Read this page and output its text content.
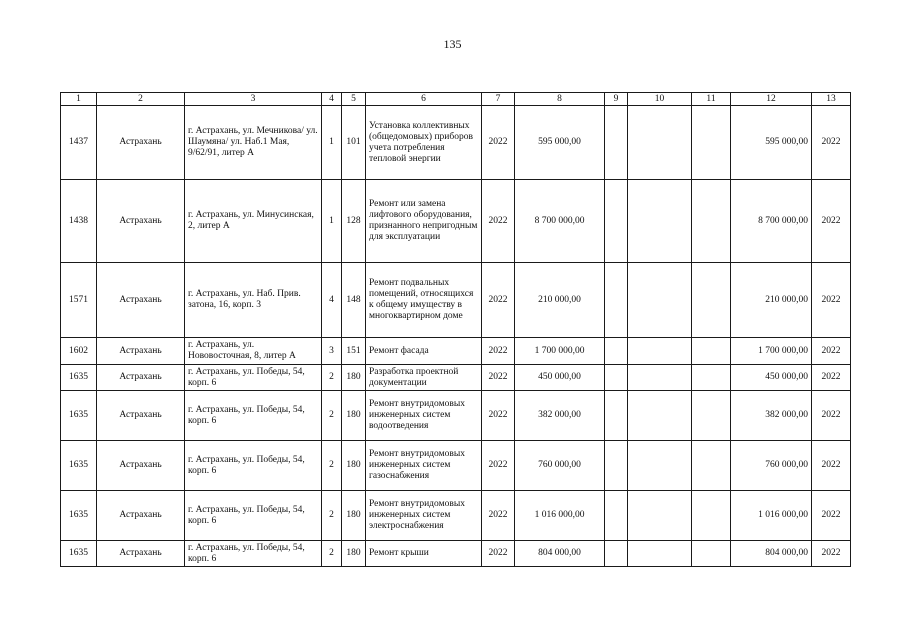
135
1	2	3	4	5	6	7	8	9	10	11	12	13
1437	Астрахань	г. Астрахань, ул. Мечникова/ ул. Шаумяна/ ул. Наб.1 Мая, 9/62/91, литер А	1	101	Установка коллективных (общедомовых) приборов учета потребления тепловой энергии	2022	595 000,00				595 000,00	2022
1438	Астрахань	г. Астрахань, ул. Минусинская, 2, литер А	1	128	Ремонт или замена лифтового оборудования, признанного непригодным для эксплуатации	2022	8 700 000,00				8 700 000,00	2022
1571	Астрахань	г. Астрахань, ул. Наб. Прив. затона, 16, корп. 3	4	148	Ремонт подвальных помещений, относящихся к общему имуществу в многоквартирном доме	2022	210 000,00				210 000,00	2022
1602	Астрахань	г. Астрахань, ул. Нововосточная, 8, литер А	3	151	Ремонт фасада	2022	1 700 000,00				1 700 000,00	2022
1635	Астрахань	г. Астрахань, ул. Победы, 54, корп. 6	2	180	Разработка проектной документации	2022	450 000,00				450 000,00	2022
1635	Астрахань	г. Астрахань, ул. Победы, 54, корп. 6	2	180	Ремонт внутридомовых инженерных систем водоотведения	2022	382 000,00				382 000,00	2022
1635	Астрахань	г. Астрахань, ул. Победы, 54, корп. 6	2	180	Ремонт внутридомовых инженерных систем газоснабжения	2022	760 000,00				760 000,00	2022
1635	Астрахань	г. Астрахань, ул. Победы, 54, корп. 6	2	180	Ремонт внутридомовых инженерных систем электроснабжения	2022	1 016 000,00				1 016 000,00	2022
1635	Астрахань	г. Астрахань, ул. Победы, 54, корп. 6	2	180	Ремонт крыши	2022	804 000,00				804 000,00	2022
